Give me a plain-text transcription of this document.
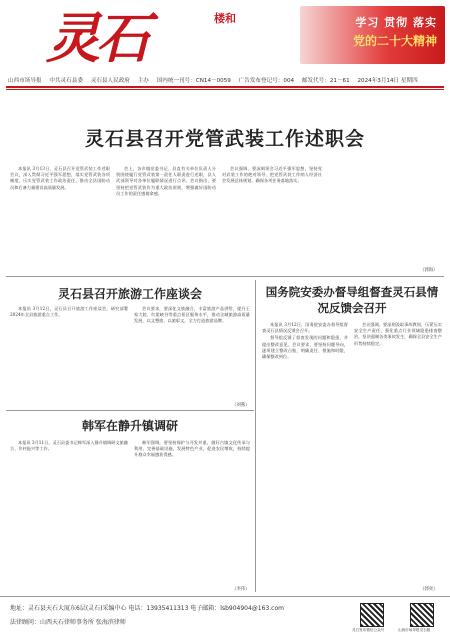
灵石	楼和	学习 贯彻 落实
党的二十大精神
山西市场导报 中共灵石县委 灵石县人民政府 主办 国内统一刊号：CN14－0059 广告发布登记号：004 邮发代号：21－61 2024年3月14日 星期四
灵石县召开党管武装工作述职会

本报讯 3月13日，灵石县召开党管武装工作述职会议，深入贯彻习近平强军思想，落实党管武装各项制度，压实党管武装工作政治责任，推动全县国防动员和后备力量建设高质量发展。

会上，各乡镇党委书记、县直有关单位负责人分别围绕履行党管武装第一责任人职责进行述职，县人武部领导对各单位履职情况进行点评。会议指出，要坚持把党管武装作为重大政治原则，增强做好国防动员工作的责任感使命感。

会议强调，要深刻领会习近平强军思想，坚持党对武装工作的绝对领导，把党管武装工作纳入经济社会发展总体规划，确保各项任务落地落实。

（郭海）
灵石县召开旅游工作座谈会

本报讯 3月12日，灵石县召开旅游工作座谈会，研究部署2024年全县旅游重点工作。

会议要求，要深化文旅融合，丰富旅游产品供给，提升王家大院、红崖峡谷等重点景区服务水平，推动全域旅游高质量发展，以文塑旅、以旅彰文，全力打造旅游品牌。

（刘燕）
韩军在静升镇调研

本报讯 3月11日，灵石县委书记韩军深入静升镇调研文旅融合、乡村振兴等工作。

韩军强调，要坚持保护与开发并重，做好古镇文化传承与利用，完善基础设施，发展特色产业，促进农民增收，持续提升群众幸福感获得感。

（李伟）
国务院安委办督导组督查灵石县情况反馈会召开

本报讯 3月12日，国务院安委办督导组督查灵石县情况反馈会召开。

督导组反馈了督查发现的问题和隐患，并提出整改意见。会议要求，要坚持问题导向，逐项建立整改台账，明确责任、措施和时限，确保整改到位。

会议强调，要深刻汲取事故教训，压紧压实安全生产责任，强化重点行业领域隐患排查整治，坚决遏制各类事故发生，确保全县安全生产形势持续稳定。

（郭亮）
地址：灵石县天石大厦东6层(灵石)采编中心 电话：13935411313 电子邮箱：lsb904904@163.com
法律顾问：山西天石律师事务所 张海滨律师
灵石发布微信公众号	山西市场导报灵石版
